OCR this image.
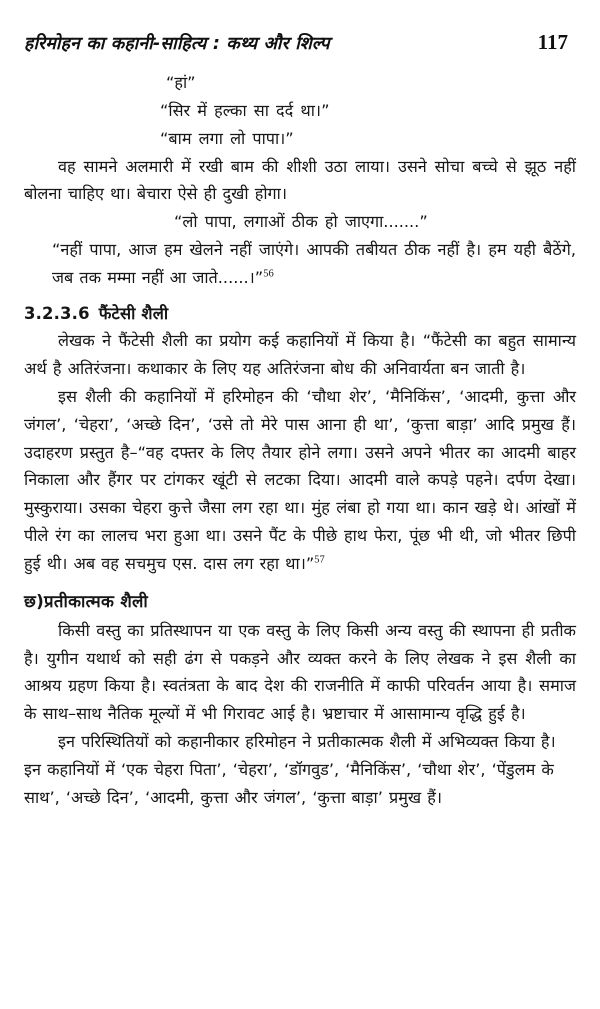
हरिमोहन का कहानी-साहित्य : कथ्य और शिल्प	117

“हां”

“सिर में हल्का सा दर्द था।”

“बाम लगा लो पापा।”

वह सामने अलमारी में रखी बाम की शीशी उठा लाया। उसने सोचा बच्चे से झूठ नहीं बोलना चाहिए था। बेचारा ऐसे ही दुखी होगा।

“लो पापा, लगाओं ठीक हो जाएगा.......”

“नहीं पापा, आज हम खेलने नहीं जाएंगे। आपकी तबीयत ठीक नहीं है। हम यही बैठेंगे, जब तक मम्मा नहीं आ जाते......।”$^{56}$

3.2.3.6 फैंटेसी शैली

लेखक ने फैंटेसी शैली का प्रयोग कई कहानियों में किया है। “फैंटेसी का बहुत सामान्य अर्थ है अतिरंजना। कथाकार के लिए यह अतिरंजना बोध की अनिवार्यता बन जाती है।

इस शैली की कहानियों में हरिमोहन की ‘चौथा शेर’, ‘मैनिकिंस’, ‘आदमी, कुत्ता और जंगल’, ‘चेहरा’, ‘अच्छे दिन’, ‘उसे तो मेरे पास आना ही था’, ‘कुत्ता बाड़ा’ आदि प्रमुख हैं। उदाहरण प्रस्तुत है–“वह दफ्तर के लिए तैयार होने लगा। उसने अपने भीतर का आदमी बाहर निकाला और हैंगर पर टांगकर खूंटी से लटका दिया। आदमी वाले कपड़े पहने। दर्पण देखा। मुस्कुराया। उसका चेहरा कुत्ते जैसा लग रहा था। मुंह लंबा हो गया था। कान खड़े थे। आंखों में पीले रंग का लालच भरा हुआ था। उसने पैंट के पीछे हाथ फेरा, पूंछ भी थी, जो भीतर छिपी हुई थी। अब वह सचमुच एस. दास लग रहा था।”$^{57}$

छ)प्रतीकात्मक शैली

किसी वस्तु का प्रतिस्थापन या एक वस्तु के लिए किसी अन्य वस्तु की स्थापना ही प्रतीक है। युगीन यथार्थ को सही ढंग से पकड़ने और व्यक्त करने के लिए लेखक ने इस शैली का आश्रय ग्रहण किया है। स्वतंत्रता के बाद देश की राजनीति में काफी परिवर्तन आया है। समाज के साथ–साथ नैतिक मूल्यों में भी गिरावट आई है। भ्रष्टाचार में आसामान्य वृद्धि हुई है।

इन परिस्थितियों को कहानीकार हरिमोहन ने प्रतीकात्मक शैली में अभिव्यक्त किया है। इन कहानियों में ‘एक चेहरा पिता’, ‘चेहरा’, ‘डॉगवुड’, ‘मैनिकिंस’, ‘चौथा शेर’, ‘पेंडुलम के साथ’, ‘अच्छे दिन’, ‘आदमी, कुत्ता और जंगल’, ‘कुत्ता बाड़ा’ प्रमुख हैं।
